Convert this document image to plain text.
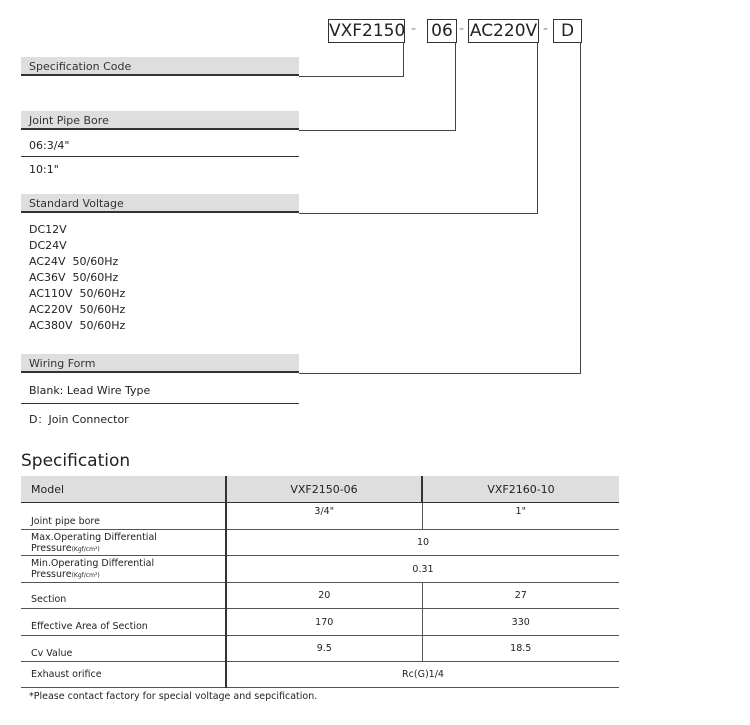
VXF2150 - 06 - AC220V - D
Specification Code
Joint Pipe Bore
06:3/4"
10:1"
Standard Voltage
DC12V
DC24V
AC24V  50/60Hz
AC36V  50/60Hz
AC110V  50/60Hz
AC220V  50/60Hz
AC380V  50/60Hz
Wiring Form
Blank: Lead Wire Type
D：Join Connector
Specification
Model	VXF2150-06	VXF2160-10
Joint pipe bore	3/4"	1"
Max.Operating Differential Pressure(Kgf/cm²)	10	
Min.Operating Differential Pressure(Kgf/cm²)	0.31	
Section	20	27
Effective Area of Section	170	330
Cv Value	9.5	18.5
Exhaust orifice	Rc(G)1/4	
*Please contact factory for special voltage and sepcification.
